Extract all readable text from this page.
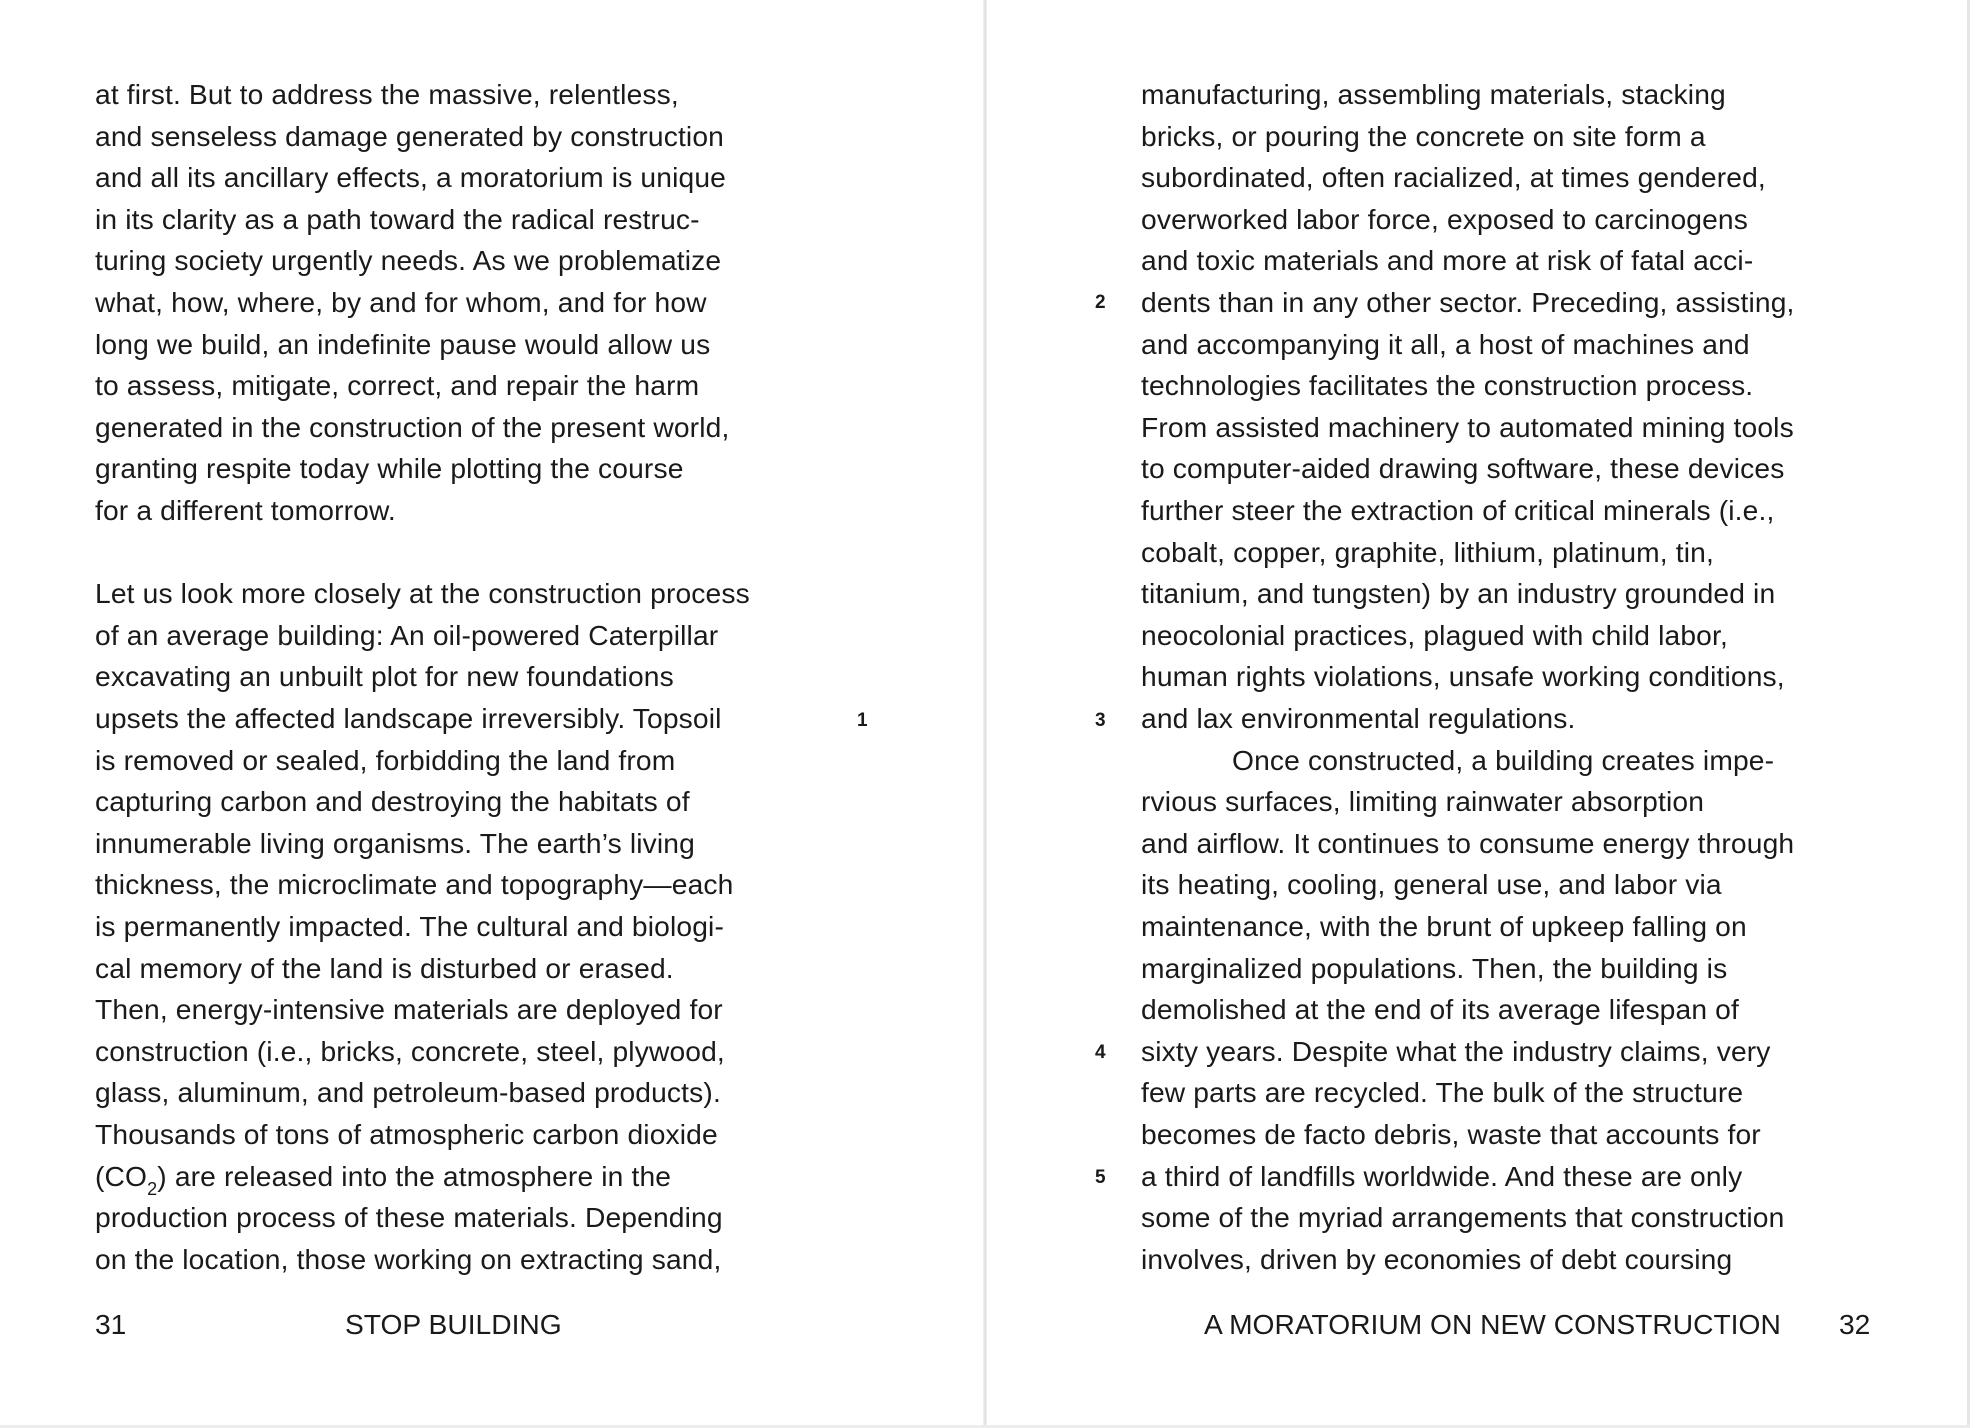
at first. But to address the massive, relentless,
and senseless damage generated by construction
and all its ancillary effects, a moratorium is unique
in its clarity as a path toward the radical restruc-
turing society urgently needs. As we problematize
what, how, where, by and for whom, and for how
long we build, an indefinite pause would allow us
to assess, mitigate, correct, and repair the harm
generated in the construction of the present world,
granting respite today while plotting the course
for a different tomorrow.
Let us look more closely at the construction process
of an average building: An oil-powered Caterpillar
excavating an unbuilt plot for new foundations
upsets the affected landscape irreversibly. Topsoil
is removed or sealed, forbidding the land from
capturing carbon and destroying the habitats of
innumerable living organisms. The earth’s living
thickness, the microclimate and topography—each
is permanently impacted. The cultural and biologi-
cal memory of the land is disturbed or erased.
Then, energy-intensive materials are deployed for
construction (i.e., bricks, concrete, steel, plywood,
glass, aluminum, and petroleum-based products).
Thousands of tons of atmospheric carbon dioxide
$(CO_2)$ are released into the atmosphere in the
production process of these materials. Depending
on the location, those working on extracting sand,
1
31	STOP BUILDING
manufacturing, assembling materials, stacking
bricks, or pouring the concrete on site form a
subordinated, often racialized, at times gendered,
overworked labor force, exposed to carcinogens
and toxic materials and more at risk of fatal acci-
dents than in any other sector. Preceding, assisting,
and accompanying it all, a host of machines and
technologies facilitates the construction process.
From assisted machinery to automated mining tools
to computer-aided drawing software, these devices
further steer the extraction of critical minerals (i.e.,
cobalt, copper, graphite, lithium, platinum, tin,
titanium, and tungsten) by an industry grounded in
neocolonial practices, plagued with child labor,
human rights violations, unsafe working conditions,
and lax environmental regulations.
Once constructed, a building creates impe-
rvious surfaces, limiting rainwater absorption
and airflow. It continues to consume energy through
its heating, cooling, general use, and labor via
maintenance, with the brunt of upkeep falling on
marginalized populations. Then, the building is
demolished at the end of its average lifespan of
sixty years. Despite what the industry claims, very
few parts are recycled. The bulk of the structure
becomes de facto debris, waste that accounts for
a third of landfills worldwide. And these are only
some of the myriad arrangements that construction
involves, driven by economies of debt coursing
2
3
4
5
A MORATORIUM ON NEW CONSTRUCTION 32
